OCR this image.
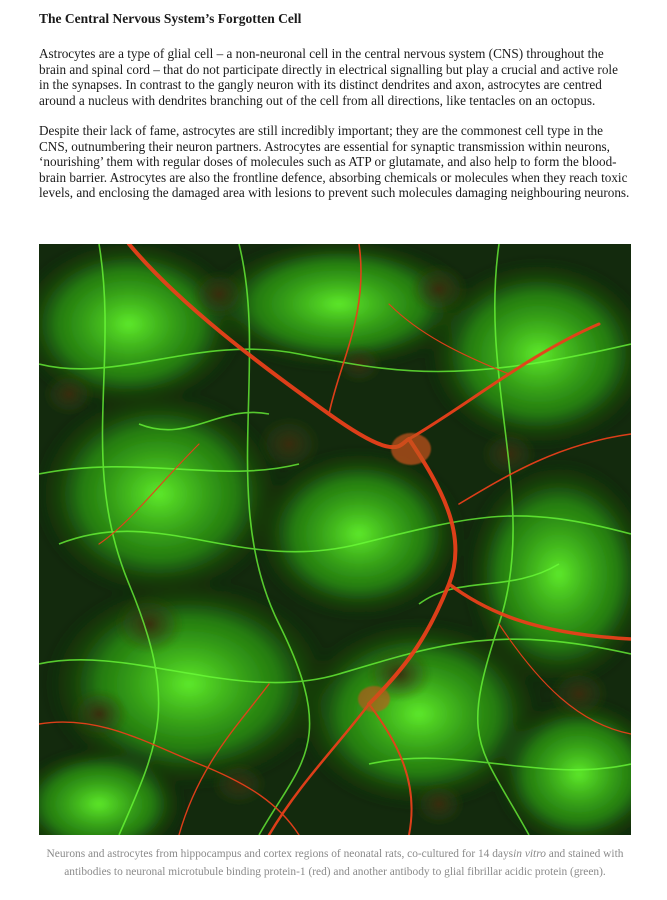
The Central Nervous System’s Forgotten Cell

Astrocytes are a type of glial cell – a non-neuronal cell in the central nervous system (CNS) throughout the brain and spinal cord – that do not participate directly in electrical signalling but play a crucial and active role in the synapses. In contrast to the gangly neuron with its distinct dendrites and axon, astrocytes are centred around a nucleus with dendrites branching out of the cell from all directions, like tentacles on an octopus.

Despite their lack of fame, astrocytes are still incredibly important; they are the commonest cell type in the CNS, outnumbering their neuron partners. Astrocytes are essential for synaptic transmission within neurons, ‘nourishing’ them with regular doses of molecules such as ATP or glutamate, and also help to form the blood-brain barrier. Astrocytes are also the frontline defence, absorbing chemicals or molecules when they reach toxic levels, and enclosing the damaged area with lesions to prevent such molecules damaging neighbouring neurons.

Neurons and astrocytes from hippocampus and cortex regions of neonatal rats, co-cultured for 14 daysin vitro and stained with antibodies to neuronal microtubule binding protein-1 (red) and another antibody to glial fibrillar acidic protein (green).
